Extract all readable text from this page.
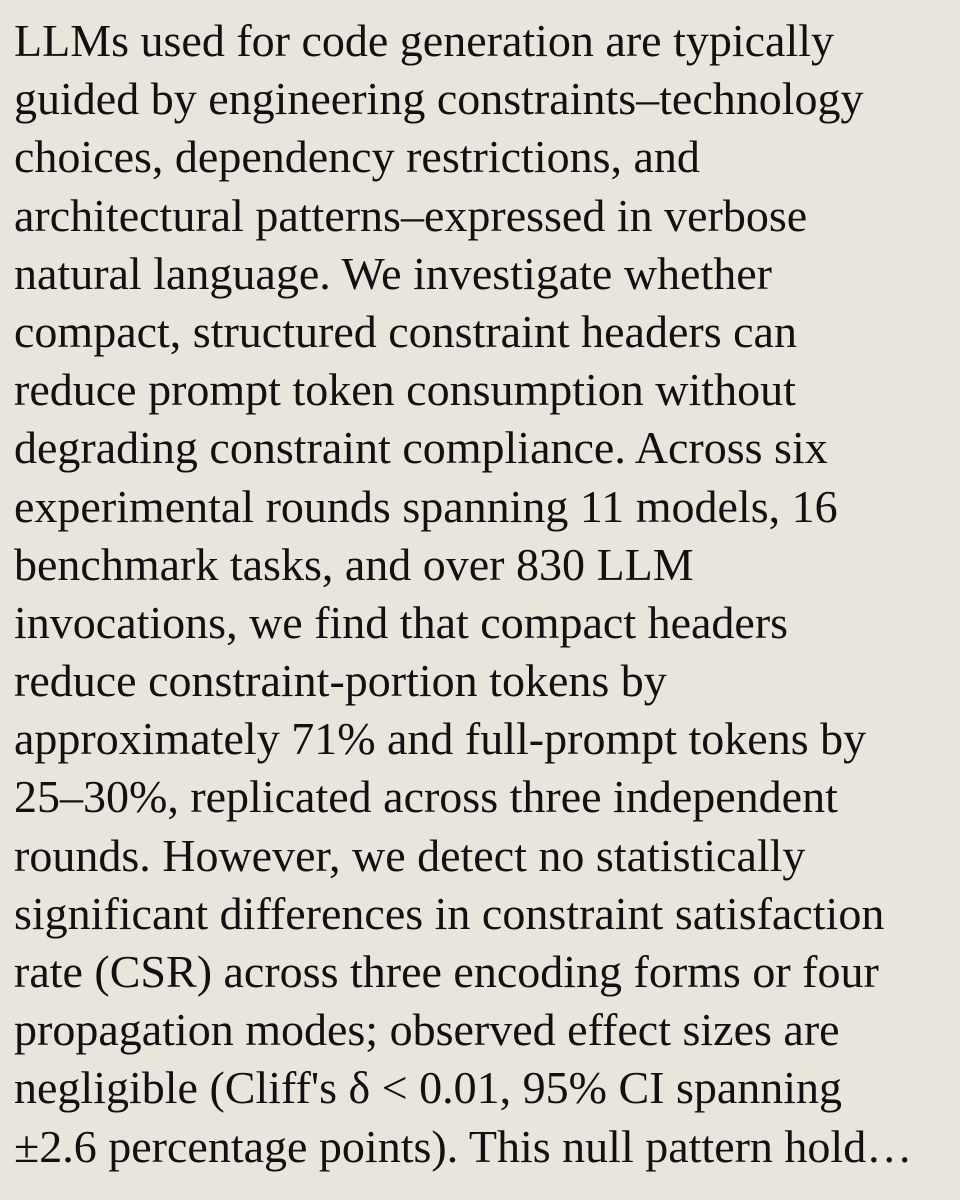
LLMs used for code generation are typically
guided by engineering constraints–technology
choices, dependency restrictions, and
architectural patterns–expressed in verbose
natural language. We investigate whether
compact, structured constraint headers can
reduce prompt token consumption without
degrading constraint compliance. Across six
experimental rounds spanning 11 models, 16
benchmark tasks, and over 830 LLM
invocations, we find that compact headers
reduce constraint-portion tokens by
approximately 71% and full-prompt tokens by
25–30%, replicated across three independent
rounds. However, we detect no statistically
significant differences in constraint satisfaction
rate (CSR) across three encoding forms or four
propagation modes; observed effect sizes are
negligible (Cliff's δ < 0.01, 95% CI spanning
±2.6 percentage points). This null pattern hold…
